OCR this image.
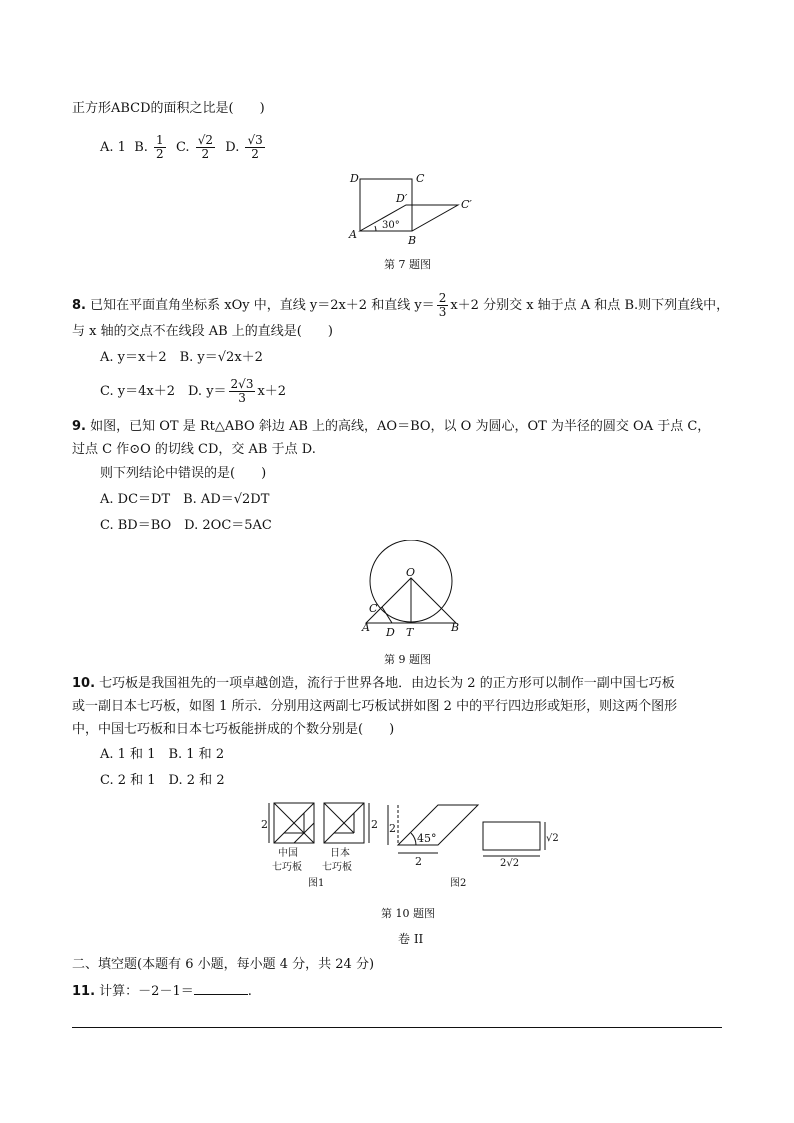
正方形ABCD的面积之比是(　　)
A. 1 B. $\frac{1}{2} C$. $\frac{√2}{2} D$. $\frac{√3}{2}$
D	C
D′	C′
A	B
30°
第 7 题图
8. 已知在平面直角坐标系 xOy 中，直线 y＝2x＋2 和直线 $y= \frac{2}{3} x+2$ 分别交 x 轴于点 A 和点 B.则下列直线中，
与 x 轴的交点不在线段 AB 上的直线是(　　)
A. y＝x＋2　B. y＝√2x＋2
C. y＝4x＋2　D. $y= \frac{2√3}{3} x+2$
9. 如图，已知 OT 是 Rt△ABO 斜边 AB 上的高线，AO＝BO，以 O 为圆心，OT 为半径的圆交 OA 于点 C，
过点 C 作⊙O 的切线 CD，交 AB 于点 D.
则下列结论中错误的是(　　)
A. DC＝DT　B. AD＝√2DT
C. BD＝BO　D. 2OC＝5AC
O
C
A D T	B
第 9 题图
10. 七巧板是我国祖先的一项卓越创造，流行于世界各地．由边长为 2 的正方形可以制作一副中国七巧板
或一副日本七巧板，如图 1 所示．分别用这两副七巧板试拼如图 2 中的平行四边形或矩形，则这两个图形
中，中国七巧板和日本七巧板能拼成的个数分别是(　　)
A. 1 和 1　B. 1 和 2
C. 2 和 1　D. 2 和 2
2	2 2
2
45°	√2
2√2
中国
七巧板
日本
七巧板
图1	图2
第 10 题图
卷 II
二、填空题(本题有 6 小题，每小题 4 分，共 24 分)
11. 计算：－2－1＝	.
